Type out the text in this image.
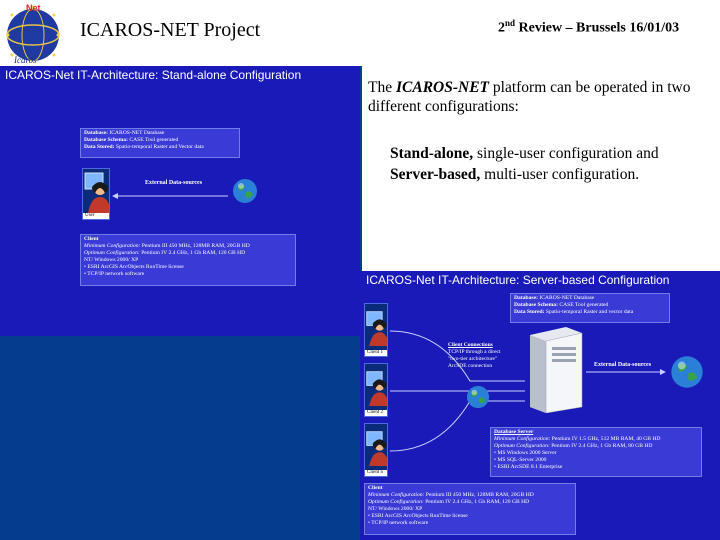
Net
Icaros
ICAROS-NET Project	2nd Review – Brussels 16/01/03
ICAROS-Net IT-Architecture: Stand-alone Configuration
Database: ICAROS-NET Database
Database Schema: CASE Tool generated
Data Stored: Spatio-temporal Raster and Vector data
User
External Data-sources
Client
Minimum Configuration: Pentium III 450 MHz, 128MB RAM, 20GB HD
Optimum Configuration: Pentium IV 2.4 GHz, 1 Gb RAM, 120 GB HD
NT/ Windows 2000/ XP
• ESRI ArcGIS ArcObjects RunTime license
• TCP/IP network software
The ICAROS-NET platform can be operated in two different configurations:
Stand-alone, single-user configuration and
Server-based, multi-user configuration.
ICAROS-Net IT-Architecture: Server-based Configuration
Database: ICAROS-NET Database
Database Schema: CASE Tool generated
Data Stored: Spatio-temporal Raster and vector data
Client 1
Client 2
Client n
Client Connections
TCP/IP through a direct
"two-tier architecture"
ArcSDE connection	External Data-sources
Database Server
Minimum Configuration: Pentium IV 1.5 GHz, 512 MB RAM, 40 GB HD
Optimum Configuration: Pentium IV 2.4 GHz, 1 Gb RAM, 80 GB HD
• MS Windows 2000 Server
• MS SQL-Server 2000
• ESRI ArcSDE 8.1 Enterprise
Client
Minimum Configuration: Pentium III 450 MHz, 128MB RAM, 20GB HD
Optimum Configuration: Pentium IV 2.4 GHz, 1 Gb RAM, 120 GB HD
NT/ Windows 2000/ XP
• ESRI ArcGIS ArcObjects RunTime license
• TCP/IP network software
